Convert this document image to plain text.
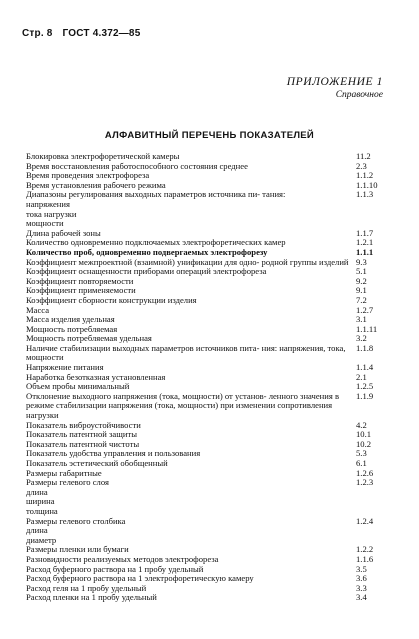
Стр. 8 ГОСТ 4.372—85
ПРИЛОЖЕНИЕ 1
Справочное
АЛФАВИТНЫЙ ПЕРЕЧЕНЬ ПОКАЗАТЕЛЕЙ
Блокировка электрофоретической камеры	11.2
Время восстановления работоспособного состояния среднее	2.3
Время проведения электрофореза	1.1.2
Время установления рабочего режима	1.1.10
Диапазоны регулирования выходных параметров источника пи- тания:	1.1.3
напряжения
тока нагрузки
мощности
Длина рабочей зоны	1.1.7
Количество одновременно подключаемых электрофоретических камер	1.2.1
Количество проб, одновременно подвергаемых электрофорезу	1.1.1
Коэффициент межпроектной (взаимной) унификации для одно- родной группы изделий 9.3
Коэффициент оснащенности приборами операций электрофореза	5.1
Коэффициент повторяемости	9.2
Коэффициент применяемости	9.1
Коэффициент сборности конструкции изделия	7.2
Масса	1.2.7
Масса изделия удельная	3.1
Мощность потребляемая	1.1.11
Мощность потребляемая удельная	3.2
Наличие стабилизации выходных параметров источников пита- ния: напряжения, тока, мощности
1.1.8
Напряжение питания	1.1.4
Наработка безотказная установленная	2.1
Объем пробы минимальный	1.2.5
Отклонение выходного напряжения (тока, мощности) от установ- ленного значения в режиме стабилизации напряжения (тока, мощности) при изменении сопротивления нагрузки
1.1.9
Показатель виброустойчивости	4.2
Показатель патентной защиты	10.1
Показатель патентной чистоты	10.2
Показатель удобства управления и пользования	5.3
Показатель эстетический обобщенный	6.1
Размеры габаритные	1.2.6
Размеры гелевого слоя	1.2.3
длина
ширина
толщина
Размеры гелевого столбика	1.2.4
длина
диаметр
Размеры пленки или бумаги	1.2.2
Разновидности реализуемых методов электрофореза	1.1.6
Расход буферного раствора на 1 пробу удельный	3.5
Расход буферного раствора на 1 электрофоретическую камеру	3.6
Расход геля на 1 пробу удельный	3.3
Расход пленки на 1 пробу удельный	3.4
